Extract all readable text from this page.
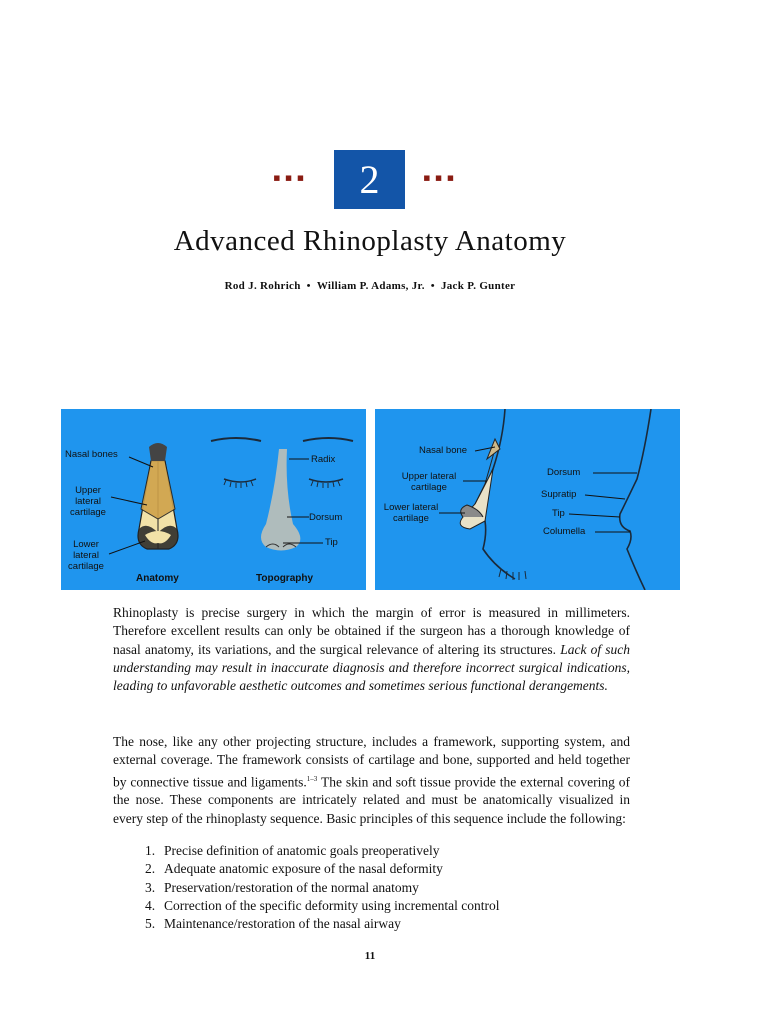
▪▪▪	2	▪▪▪
Advanced Rhinoplasty Anatomy
Rod J. Rohrich • William P. Adams, Jr. • Jack P. Gunter
Nasal bones
Upper
lateral
cartilage
Lower
lateral
cartilage
Radix
Dorsum
Tip
Anatomy	Topography
Nasal bone
Upper lateral
cartilage
Lower lateral
cartilage
Dorsum
Supratip
Tip
Columella

Rhinoplasty is precise surgery in which the margin of error is measured in millimeters. Therefore excellent results can only be obtained if the surgeon has a thorough knowledge of nasal anatomy, its variations, and the surgical relevance of altering its structures. Lack of such understanding may result in inaccurate diagnosis and therefore incorrect surgical indications, leading to unfavorable aesthetic outcomes and sometimes serious functional derangements.

The nose, like any other projecting structure, includes a framework, supporting system, and external coverage. The framework consists of cartilage and bone, supported and held together by connective tissue and ligaments.$^{1-3}$ The skin and soft tissue provide the external covering of the nose. These components are intricately related and must be anatomically visualized in every step of the rhinoplasty sequence. Basic principles of this sequence include the following:

1. Precise definition of anatomic goals preoperatively
2. Adequate anatomic exposure of the nasal deformity
3. Preservation/restoration of the normal anatomy
4. Correction of the specific deformity using incremental control
5. Maintenance/restoration of the nasal airway
11
